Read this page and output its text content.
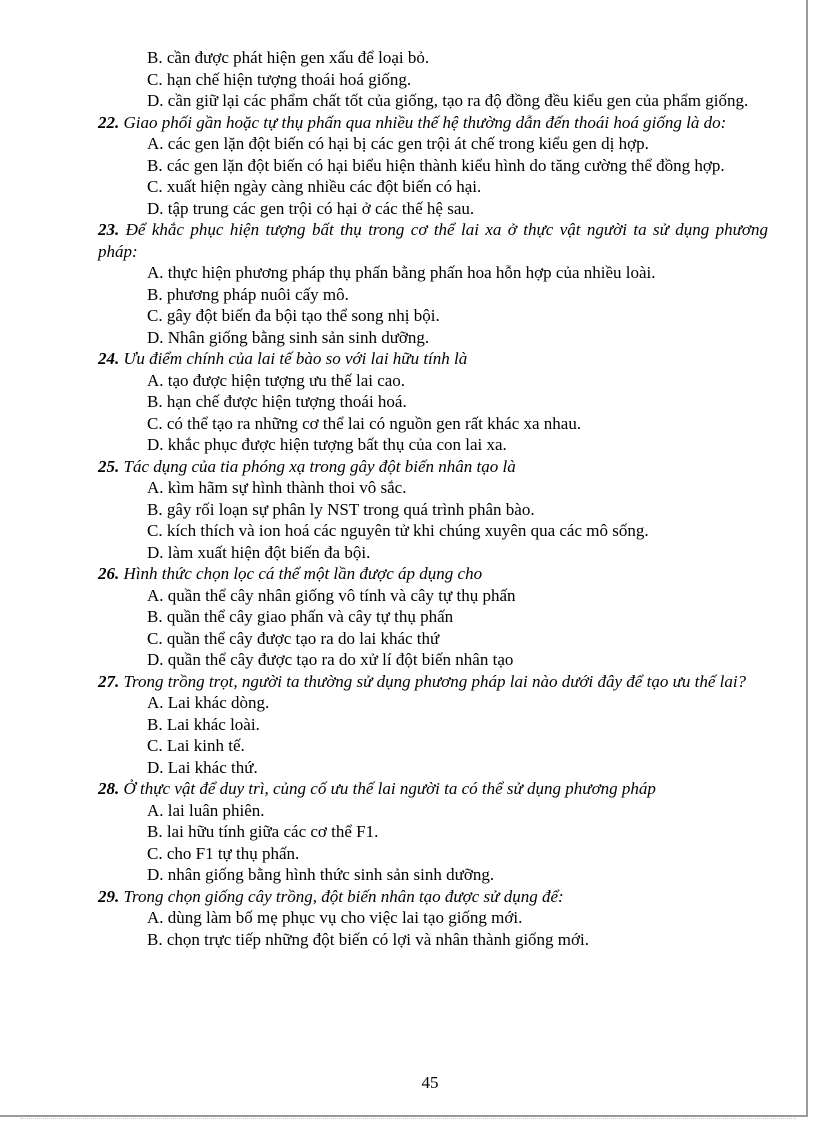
B. cần được phát hiện gen xấu để loại bỏ.
C. hạn chế hiện tượng thoái hoá giống.
D. cần giữ lại các phẩm chất tốt của giống, tạo ra độ đồng đều kiểu gen của phẩm giống.
22. Giao phối gần hoặc tự thụ phấn qua nhiều thế hệ thường dẫn đến thoái hoá giống là do:
A. các gen lặn đột biến có hại bị các gen trội át chế trong kiểu gen dị hợp.
B. các gen lặn đột biến có hại biểu hiện thành kiểu hình do tăng cường thể đồng hợp.
C. xuất hiện ngày càng nhiều các đột biến có hại.
D. tập trung các gen trội có hại ở các thế hệ sau.
23. Để khắc phục hiện tượng bất thụ trong cơ thể lai xa ở thực vật người ta sử dụng phương pháp:
A. thực hiện phương pháp thụ phấn bằng phấn hoa hỗn hợp của nhiều loài.
B. phương pháp nuôi cấy mô.
C. gây đột biến đa bội tạo thể song nhị bội.
D. Nhân giống bằng sinh sản sinh dưỡng.
24. Ưu điểm chính của lai tế bào so với lai hữu tính là
A. tạo được hiện tượng ưu thế lai cao.
B. hạn chế được hiện tượng thoái hoá.
C. có thể tạo ra những cơ thể lai có nguồn gen rất khác xa nhau.
D. khắc phục được hiện tượng bất thụ của con lai xa.
25. Tác dụng của tia phóng xạ trong gây đột biến nhân tạo là
A. kìm hãm sự hình thành thoi vô sắc.
B. gây rối loạn sự phân ly NST trong quá trình phân bào.
C. kích thích và ion hoá các nguyên tử khi chúng xuyên qua các mô sống.
D. làm xuất hiện đột biến đa bội.
26. Hình thức chọn lọc cá thể một lần được áp dụng cho
A. quần thể cây nhân giống vô tính và cây tự thụ phấn
B. quần thể cây giao phấn và cây tự thụ phấn
C. quần thể cây được tạo ra do lai khác thứ
D. quần thể cây được tạo ra do xử lí đột biến nhân tạo
27. Trong trồng trọt, người ta thường sử dụng phương pháp lai nào dưới đây để tạo ưu thế lai?
A. Lai khác dòng.
B. Lai khác loài.
C. Lai kinh tế.
D. Lai khác thứ.
28. Ở thực vật để duy trì, củng cố ưu thế lai người ta có thể sử dụng phương pháp
A. lai luân phiên.
B. lai hữu tính giữa các cơ thể F1.
C. cho F1 tự thụ phấn.
D. nhân giống bằng hình thức sinh sản sinh dưỡng.
29. Trong chọn giống cây trồng, đột biến nhân tạo được sử dụng để:
A. dùng làm bố mẹ phục vụ cho việc lai tạo giống mới.
B. chọn trực tiếp những đột biến có lợi và nhân thành giống mới.
45
